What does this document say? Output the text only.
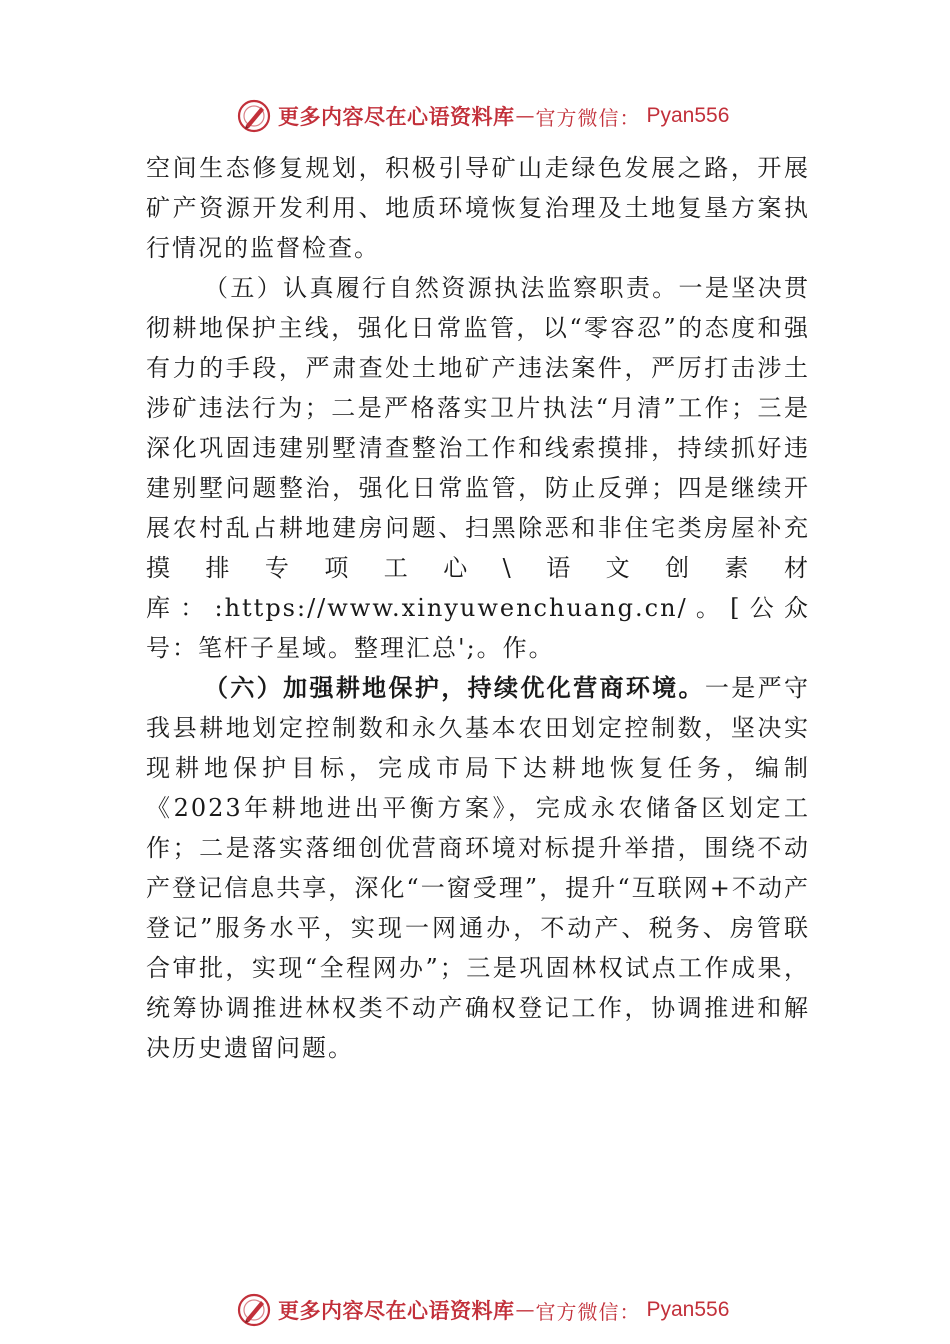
更多内容尽在心语资料库 — 官方微信： Pyan556

空间生态修复规划，积极引导矿山走绿色发展之路，开展矿产资源开发利用、地质环境恢复治理及土地复垦方案执行情况的监督检查。

（五）认真履行自然资源执法监察职责。一是坚决贯彻耕地保护主线，强化日常监管，以“零容忍”的态度和强有力的手段，严肃查处土地矿产违法案件，严厉打击涉土涉矿违法行为；二是严格落实卫片执法“月清”工作；三是深化巩固违建别墅清查整治工作和线索摸排，持续抓好违建别墅问题整治，强化日常监管，防止反弹；四是继续开展农村乱占耕地建房问题、扫黑除恶和非住宅类房屋补充摸排专项工心\语文创素材库：:https://www.xinyuwenchuang.cn/。[公众号：笔杆子星域。整理汇总';。作。

（六）加强耕地保护，持续优化营商环境。一是严守我县耕地划定控制数和永久基本农田划定控制数，坚决实现耕地保护目标，完成市局下达耕地恢复任务，编制《2023年耕地进出平衡方案》，完成永农储备区划定工作；二是落实落细创优营商环境对标提升举措，围绕不动产登记信息共享，深化“一窗受理”，提升“互联网+不动产登记”服务水平，实现一网通办，不动产、税务、房管联合审批，实现“全程网办”；三是巩固林权试点工作成果，统筹协调推进林权类不动产确权登记工作，协调推进和解决历史遗留问题。

更多内容尽在心语资料库 — 官方微信： Pyan556
